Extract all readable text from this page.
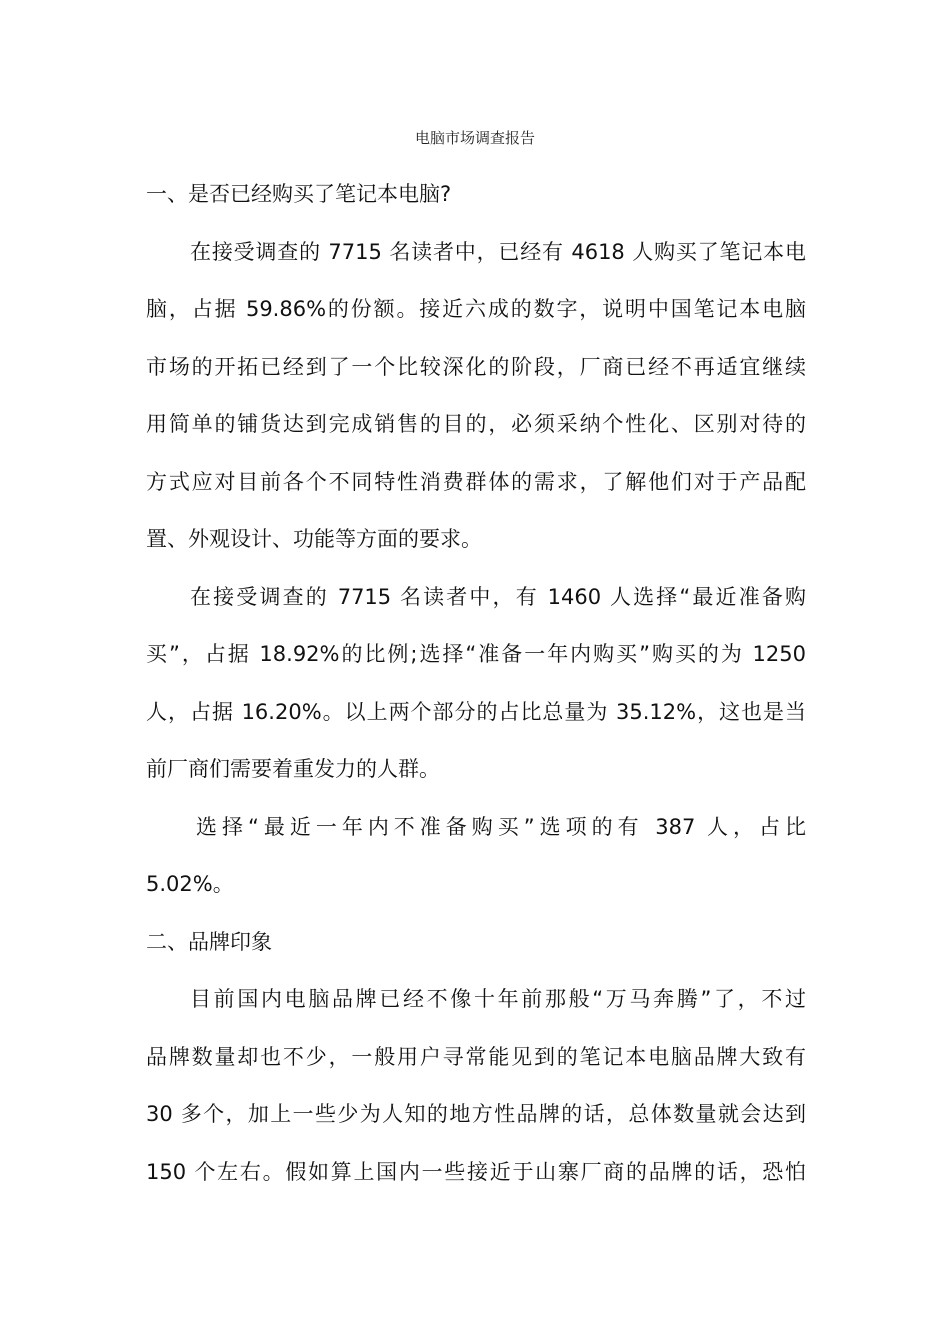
电脑市场调查报告
一、是否已经购买了笔记本电脑?
在接受调查的 7715 名读者中，已经有 4618 人购买了笔记本电
脑，占据 59.86%的份额。接近六成的数字，说明中国笔记本电脑
市场的开拓已经到了一个比较深化的阶段，厂商已经不再适宜继续
用简单的铺货达到完成销售的目的，必须采纳个性化、区别对待的
方式应对目前各个不同特性消费群体的需求，了解他们对于产品配
置、外观设计、功能等方面的要求。
在接受调查的 7715 名读者中，有 1460 人选择“最近准备购
买”，占据 18.92%的比例;选择“准备一年内购买”购买的为 1250
人，占据 16.20%。以上两个部分的占比总量为 35.12%，这也是当
前厂商们需要着重发力的人群。
选择“最近一年内不准备购买”选项的有 387 人，占比
5.02%。
二、品牌印象
目前国内电脑品牌已经不像十年前那般“万马奔腾”了，不过
品牌数量却也不少，一般用户寻常能见到的笔记本电脑品牌大致有
30 多个，加上一些少为人知的地方性品牌的话，总体数量就会达到
150 个左右。假如算上国内一些接近于山寨厂商的品牌的话，恐怕
